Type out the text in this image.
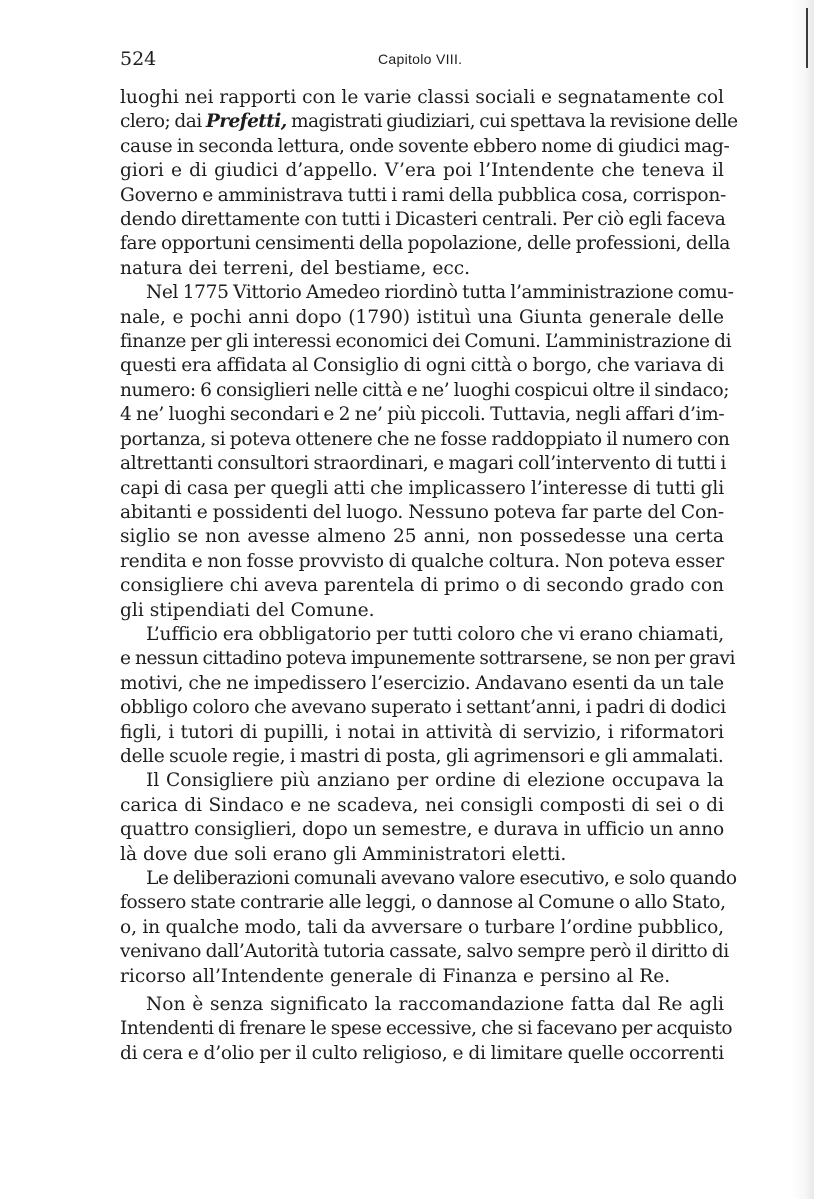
524	Capitolo VIII.

luoghi nei rapporti con le varie classi sociali e segnatamente col
clero; dai Prefetti, magistrati giudiziari, cui spettava la revisione delle
cause in seconda lettura, onde sovente ebbero nome di giudici mag-
giori e di giudici d’appello. V’era poi l’Intendente che teneva il
Governo e amministrava tutti i rami della pubblica cosa, corrispon-
dendo direttamente con tutti i Dicasteri centrali. Per ciò egli faceva
fare opportuni censimenti della popolazione, delle professioni, della
natura dei terreni, del bestiame, ecc.

Nel 1775 Vittorio Amedeo riordinò tutta l’amministrazione comu-
nale, e pochi anni dopo (1790) istituì una Giunta generale delle
finanze per gli interessi economici dei Comuni. L’amministrazione di
questi era affidata al Consiglio di ogni città o borgo, che variava di
numero: 6 consiglieri nelle città e ne’ luoghi cospicui oltre il sindaco;
4 ne’ luoghi secondari e 2 ne’ più piccoli. Tuttavia, negli affari d’im-
portanza, si poteva ottenere che ne fosse raddoppiato il numero con
altrettanti consultori straordinari, e magari coll’intervento di tutti i
capi di casa per quegli atti che implicassero l’interesse di tutti gli
abitanti e possidenti del luogo. Nessuno poteva far parte del Con-
siglio se non avesse almeno 25 anni, non possedesse una certa
rendita e non fosse provvisto di qualche coltura. Non poteva esser
consigliere chi aveva parentela di primo o di secondo grado con
gli stipendiati del Comune.

L’ufficio era obbligatorio per tutti coloro che vi erano chiamati,
e nessun cittadino poteva impunemente sottrarsene, se non per gravi
motivi, che ne impedissero l’esercizio. Andavano esenti da un tale
obbligo coloro che avevano superato i settant’anni, i padri di dodici
figli, i tutori di pupilli, i notai in attività di servizio, i riformatori
delle scuole regie, i mastri di posta, gli agrimensori e gli ammalati.

Il Consigliere più anziano per ordine di elezione occupava la
carica di Sindaco e ne scadeva, nei consigli composti di sei o di
quattro consiglieri, dopo un semestre, e durava in ufficio un anno
là dove due soli erano gli Amministratori eletti.

Le deliberazioni comunali avevano valore esecutivo, e solo quando
fossero state contrarie alle leggi, o dannose al Comune o allo Stato,
o, in qualche modo, tali da avversare o turbare l’ordine pubblico,
venivano dall’Autorità tutoria cassate, salvo sempre però il diritto di
ricorso all’Intendente generale di Finanza e persino al Re.

Non è senza significato la raccomandazione fatta dal Re agli
Intendenti di frenare le spese eccessive, che si facevano per acquisto
di cera e d’olio per il culto religioso, e di limitare quelle occorrenti
